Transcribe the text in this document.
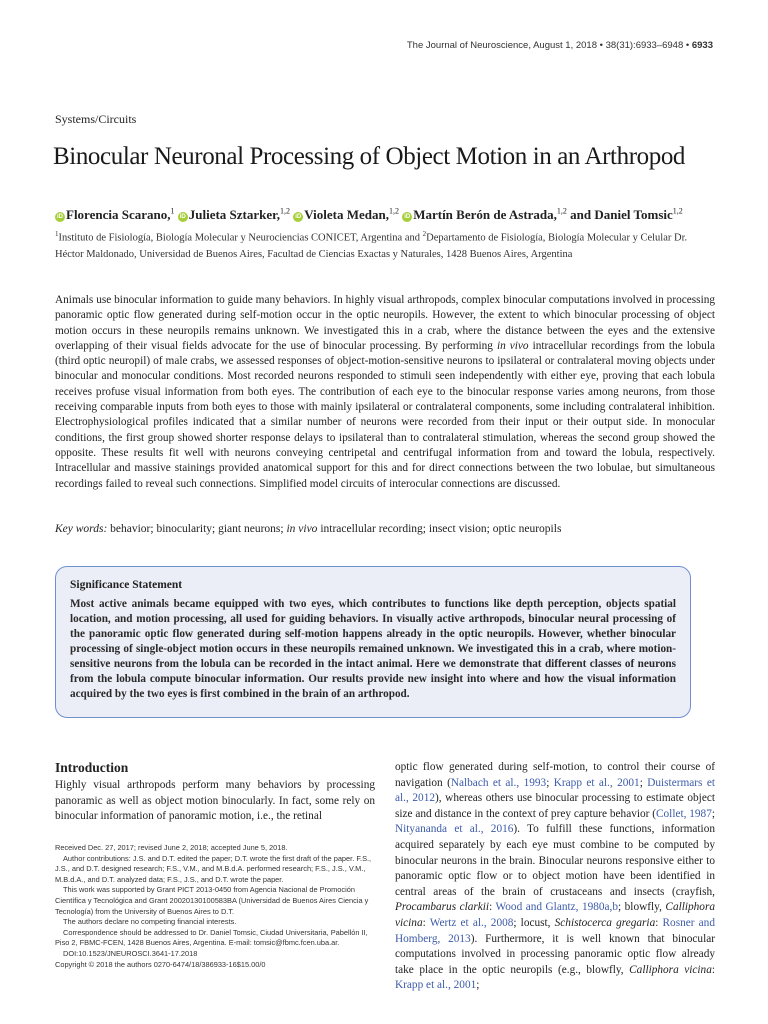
The Journal of Neuroscience, August 1, 2018 • 38(31):6933–6948 • 6933
Systems/Circuits
Binocular Neuronal Processing of Object Motion in an Arthropod
iD Florencia Scarano,$^1$ iD Julieta Sztarker,$^{1,2}$ iD Violeta Medan,$^{1,2}$ iD Martín Berón de Astrada,$^{1,2}$ and Daniel Tomsic$^{1,2}$
$^1$Instituto de Fisiología, Biología Molecular y Neurociencias CONICET, Argentina and $^2$Departamento de Fisiología, Biología Molecular y Celular Dr. Héctor Maldonado, Universidad de Buenos Aires, Facultad de Ciencias Exactas y Naturales, 1428 Buenos Aires, Argentina
Animals use binocular information to guide many behaviors. In highly visual arthropods, complex binocular computations involved in processing panoramic optic flow generated during self-motion occur in the optic neuropils. However, the extent to which binocular processing of object motion occurs in these neuropils remains unknown. We investigated this in a crab, where the distance between the eyes and the extensive overlapping of their visual fields advocate for the use of binocular processing. By performing in vivo intracellular recordings from the lobula (third optic neuropil) of male crabs, we assessed responses of object-motion-sensitive neurons to ipsilateral or contralateral moving objects under binocular and monocular conditions. Most recorded neurons responded to stimuli seen independently with either eye, proving that each lobula receives profuse visual information from both eyes. The contribution of each eye to the binocular response varies among neurons, from those receiving comparable inputs from both eyes to those with mainly ipsilateral or contralateral components, some including contralateral inhibition. Electrophysiological profiles indicated that a similar number of neurons were recorded from their input or their output side. In monocular conditions, the first group showed shorter response delays to ipsilateral than to contralateral stimulation, whereas the second group showed the opposite. These results fit well with neurons conveying centripetal and centrifugal information from and toward the lobula, respectively. Intracellular and massive stainings provided anatomical support for this and for direct connections between the two lobulae, but simultaneous recordings failed to reveal such connections. Simplified model circuits of interocular connections are discussed.
Key words: behavior; binocularity; giant neurons; in vivo intracellular recording; insect vision; optic neuropils
Significance Statement
Most active animals became equipped with two eyes, which contributes to functions like depth perception, objects spatial location, and motion processing, all used for guiding behaviors. In visually active arthropods, binocular neural processing of the panoramic optic flow generated during self-motion happens already in the optic neuropils. However, whether binocular processing of single-object motion occurs in these neuropils remained unknown. We investigated this in a crab, where motion-sensitive neurons from the lobula can be recorded in the intact animal. Here we demonstrate that different classes of neurons from the lobula compute binocular information. Our results provide new insight into where and how the visual information acquired by the two eyes is first combined in the brain of an arthropod.
Introduction
Highly visual arthropods perform many behaviors by processing panoramic as well as object motion binocularly. In fact, some rely on binocular information of panoramic motion, i.e., the retinal

Received Dec. 27, 2017; revised June 2, 2018; accepted June 5, 2018.

Author contributions: J.S. and D.T. edited the paper; D.T. wrote the first draft of the paper. F.S., J.S., and D.T. designed research; F.S., V.M., and M.B.d.A. performed research; F.S., J.S., V.M., M.B.d.A., and D.T. analyzed data; F.S., J.S., and D.T. wrote the paper.

This work was supported by Grant PICT 2013-0450 from Agencia Nacional de Promoción Científica y Tecnológica and Grant 20020130100583BA (Universidad de Buenos Aires Ciencia y Tecnología) from the University of Buenos Aires to D.T.

The authors declare no competing financial interests.

Correspondence should be addressed to Dr. Daniel Tomsic, Ciudad Universitaria, Pabellón II, Piso 2, FBMC-FCEN, 1428 Buenos Aires, Argentina. E-mail: tomsic@fbmc.fcen.uba.ar.

DOI:10.1523/JNEUROSCI.3641-17.2018

Copyright © 2018 the authors 0270-6474/18/386933-16$15.00/0

optic flow generated during self-motion, to control their course of navigation (Nalbach et al., 1993; Krapp et al., 2001; Duistermars et al., 2012), whereas others use binocular processing to estimate object size and distance in the context of prey capture behavior (Collet, 1987; Nityananda et al., 2016). To fulfill these functions, information acquired separately by each eye must combine to be computed by binocular neurons in the brain. Binocular neurons responsive either to panoramic optic flow or to object motion have been identified in central areas of the brain of crustaceans and insects (crayfish, Procambarus clarkii: Wood and Glantz, 1980a,b; blowfly, Calliphora vicina: Wertz et al., 2008; locust, Schistocerca gregaria: Rosner and Homberg, 2013). Furthermore, it is well known that binocular computations involved in processing panoramic optic flow already take place in the optic neuropils (e.g., blowfly, Calliphora vicina: Krapp et al., 2001;
